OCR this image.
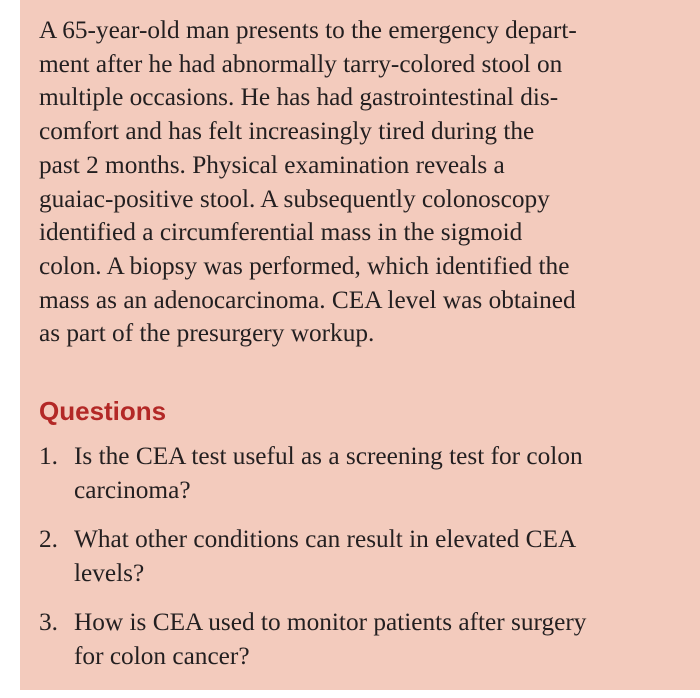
A 65-year-old man presents to the emergency depart-
ment after he had abnormally tarry-colored stool on
multiple occasions. He has had gastrointestinal dis-
comfort and has felt increasingly tired during the
past 2 months. Physical examination reveals a
guaiac-positive stool. A subsequently colonoscopy
identified a circumferential mass in the sigmoid
colon. A biopsy was performed, which identified the
mass as an adenocarcinoma. CEA level was obtained
as part of the presurgery workup.

Questions
1. Is the CEA test useful as a screening test for colon
carcinoma?
2. What other conditions can result in elevated CEA
levels?
3. How is CEA used to monitor patients after surgery
for colon cancer?
